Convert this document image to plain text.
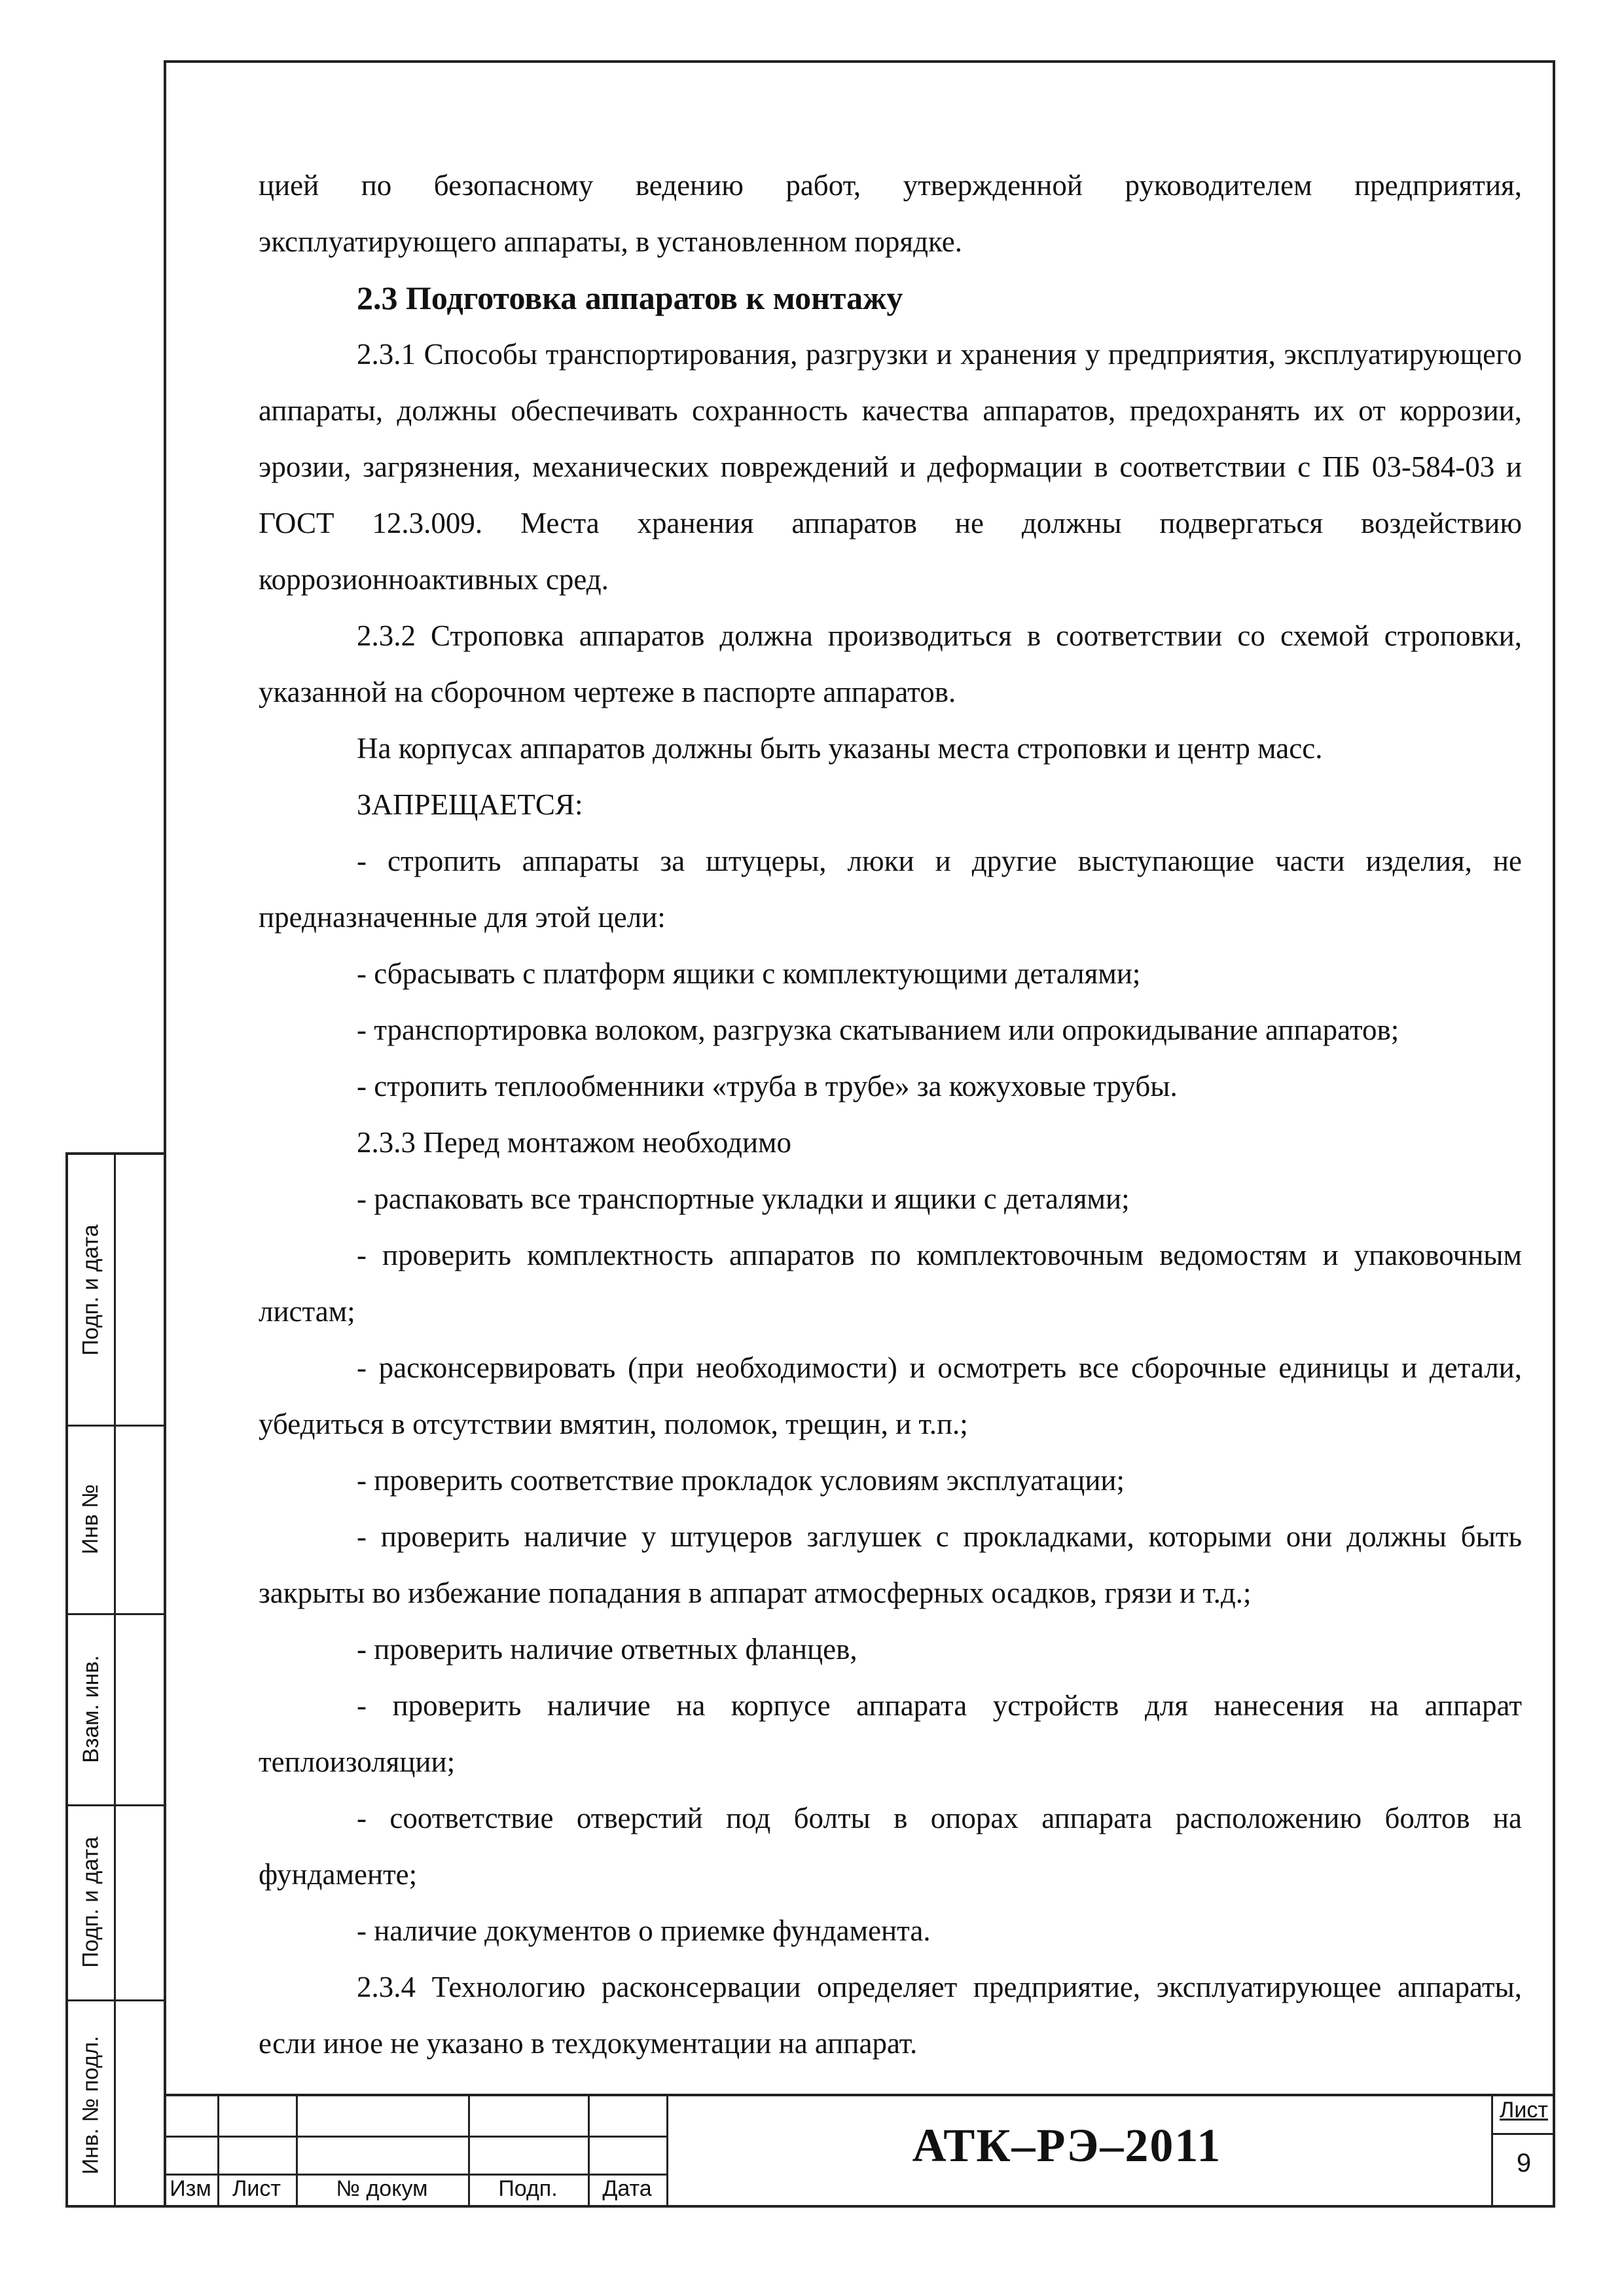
цией по безопасному ведению работ, утвержденной руководителем предприятия, эксплуатирующего аппараты, в установленном порядке.

2.3 Подготовка аппаратов к монтажу

2.3.1 Способы транспортирования, разгрузки и хранения у предприятия, эксплуатирующего аппараты, должны обеспечивать сохранность качества аппаратов, предохранять их от коррозии, эрозии, загрязнения, механических повреждений и деформации в соответствии с ПБ 03-584-03 и ГОСТ 12.3.009. Места хранения аппаратов не должны подвергаться воздействию коррозионноактивных сред.

2.3.2 Строповка аппаратов должна производиться в соответствии со схемой строповки, указанной на сборочном чертеже в паспорте аппаратов.

На корпусах аппаратов должны быть указаны места строповки и центр масс.

ЗАПРЕЩАЕТСЯ:

- стропить аппараты за штуцеры, люки и другие выступающие части изделия, не предназначенные для этой цели:

- сбрасывать с платформ ящики с комплектующими деталями;

- транспортировка волоком, разгрузка скатыванием или опрокидывание аппаратов;

- стропить теплообменники «труба в трубе» за кожуховые трубы.

2.3.3 Перед монтажом необходимо

- распаковать все транспортные укладки и ящики с деталями;

- проверить комплектность аппаратов по комплектовочным ведомостям и упаковочным листам;

- расконсервировать (при необходимости) и осмотреть все сборочные единицы и детали, убедиться в отсутствии вмятин, поломок, трещин, и т.п.;

- проверить соответствие прокладок условиям эксплуатации;

- проверить наличие у штуцеров заглушек с прокладками, которыми они должны быть закрыты во избежание попадания в аппарат атмосферных осадков, грязи и т.д.;

- проверить наличие ответных фланцев,

- проверить наличие на корпусе аппарата устройств для нанесения на аппарат теплоизоляции;

- соответствие отверстий под болты в опорах аппарата расположению болтов на фундаменте;

- наличие документов о приемке фундамента.

2.3.4 Технологию расконсервации определяет предприятие, эксплуатирующее аппараты, если иное не указано в техдокументации на аппарат.

Подп. и дата
Инв №
Взам. инв.
Подп. и дата
Инв. № подл.
Изм Лист	№ докум	Подп.	Дата
АТК–РЭ–2011
Лист
9
